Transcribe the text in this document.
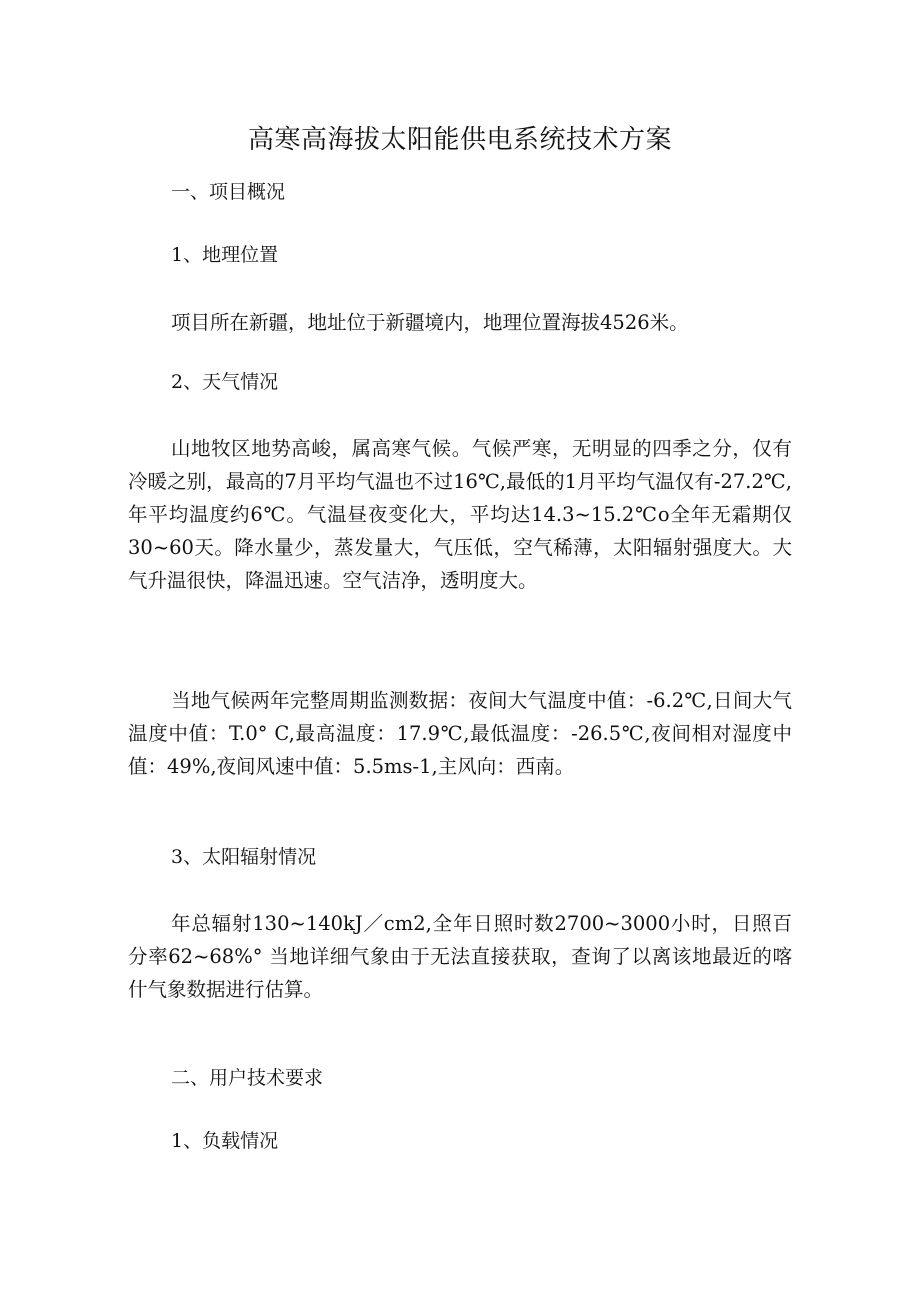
高寒高海拔太阳能供电系统技术方案
一、项目概况
1、地理位置
项目所在新疆，地址位于新疆境内，地理位置海拔4526米。
2、天气情况
山地牧区地势高峻，属高寒气候。气候严寒，无明显的四季之分，仅有冷暖之别，最高的7月平均气温也不过16℃,最低的1月平均气温仅有-27.2℃,年平均温度约6℃。气温昼夜变化大，平均达14.3~15.2℃o全年无霜期仅30~60天。降水量少，蒸发量大，气压低，空气稀薄，太阳辐射强度大。大气升温很快，降温迅速。空气洁净，透明度大。
当地气候两年完整周期监测数据：夜间大气温度中值：-6.2℃,日间大气温度中值：T.0° C,最高温度：17.9℃,最低温度：-26.5℃,夜间相对湿度中值：49%,夜间风速中值：5.5ms-1,主风向：西南。
3、太阳辐射情况
年总辐射130~140kJ／cm2,全年日照时数2700~3000小时，日照百分率62~68%° 当地详细气象由于无法直接获取，查询了以离该地最近的喀什气象数据进行估算。
二、用户技术要求
1、负载情况
